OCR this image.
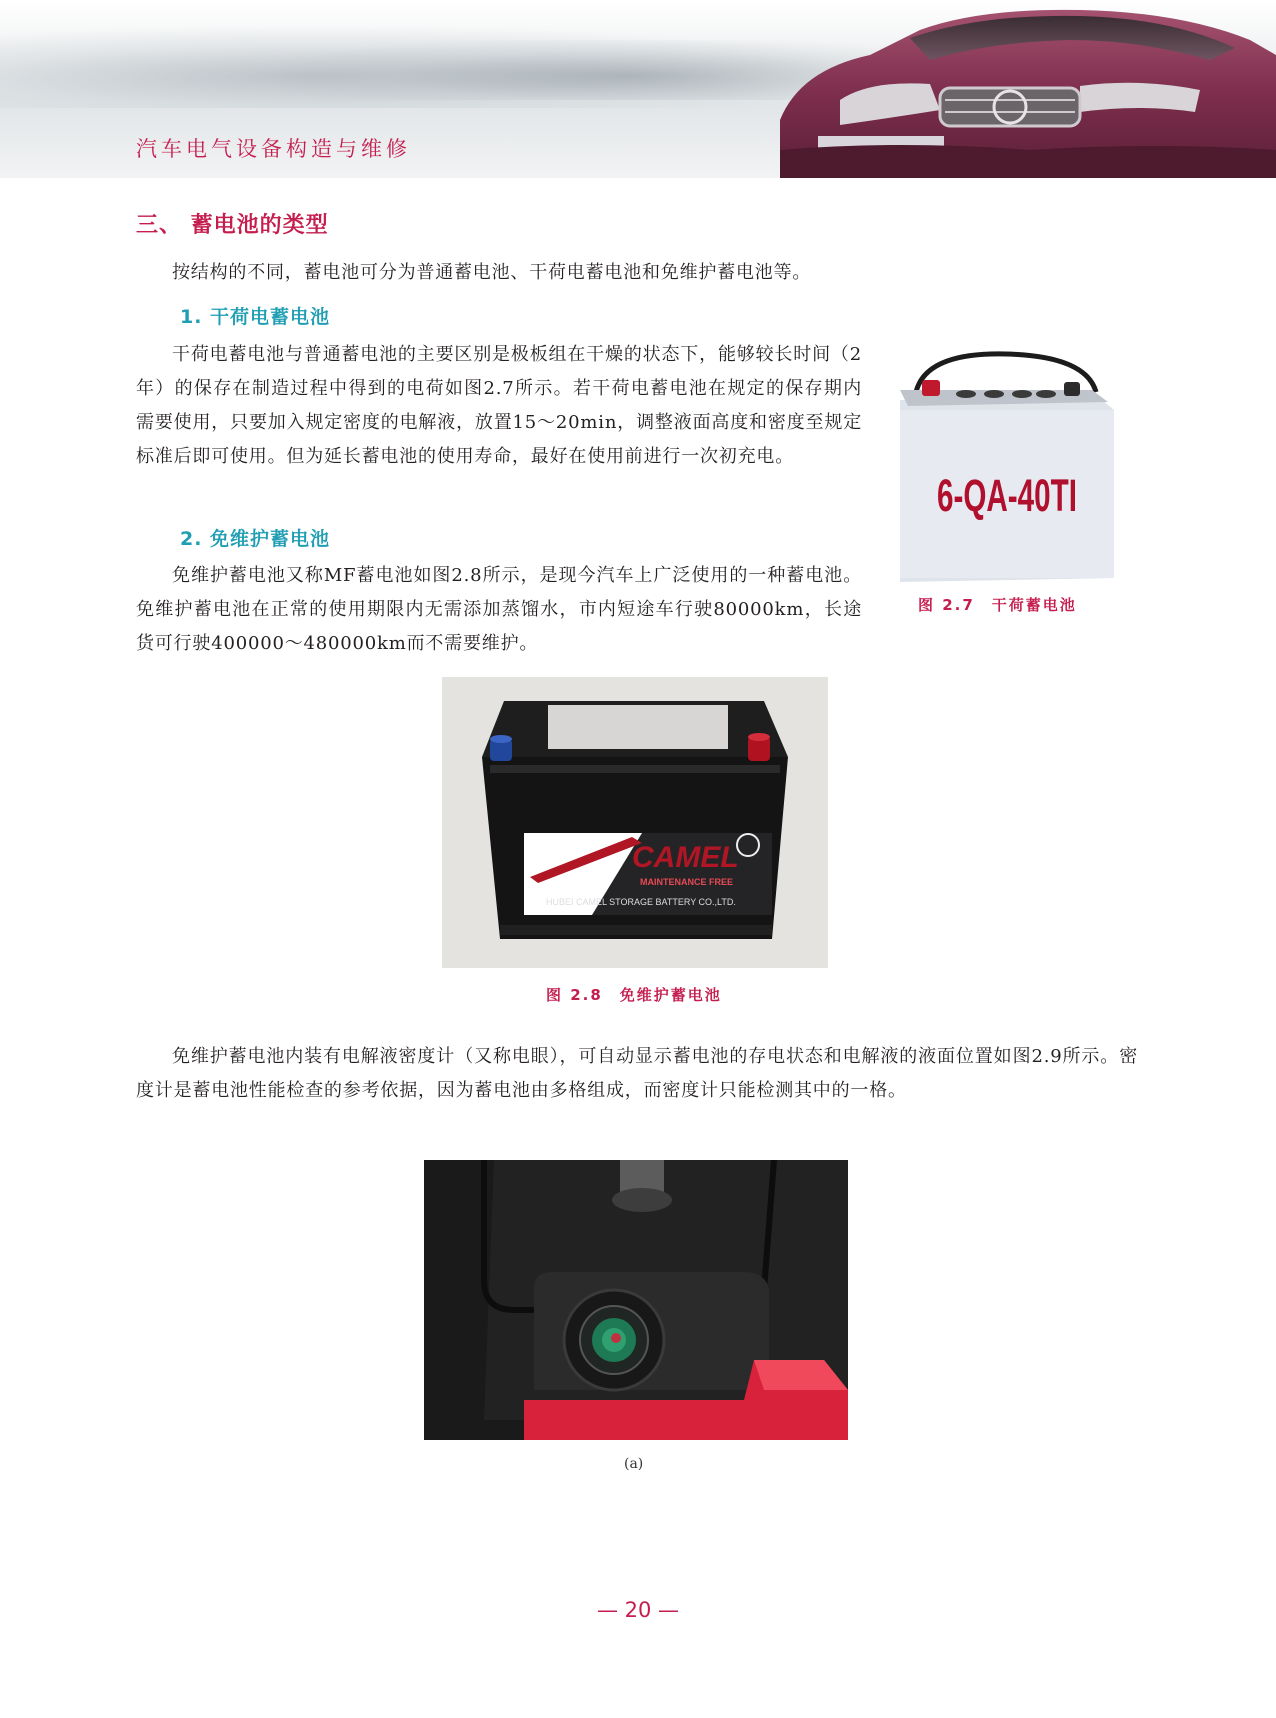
汽车电气设备构造与维修
三、 蓄电池的类型

按结构的不同，蓄电池可分为普通蓄电池、干荷电蓄电池和免维护蓄电池等。

1. 干荷电蓄电池

干荷电蓄电池与普通蓄电池的主要区别是极板组在干燥的状态下，能够较长时间（2年）的保存在制造过程中得到的电荷如图2.7所示。若干荷电蓄电池在规定的保存期内需要使用，只要加入规定密度的电解液，放置15～20min，调整液面高度和密度至规定标准后即可使用。但为延长蓄电池的使用寿命，最好在使用前进行一次初充电。

2. 免维护蓄电池

免维护蓄电池又称MF蓄电池如图2.8所示，是现今汽车上广泛使用的一种蓄电池。免维护蓄电池在正常的使用期限内无需添加蒸馏水，市内短途车行驶80000km，长途货可行驶400000～480000km而不需要维护。

6-QA-40TI
图 2.7　干荷蓄电池
CAMEL
MAINTENANCE FREE
HUBEI CAMEL STORAGE BATTERY CO.,LTD.
图 2.8　免维护蓄电池

免维护蓄电池内装有电解液密度计（又称电眼），可自动显示蓄电池的存电状态和电解液的液面位置如图2.9所示。密度计是蓄电池性能检查的参考依据，因为蓄电池由多格组成，而密度计只能检测其中的一格。

(a)
— 20 —
